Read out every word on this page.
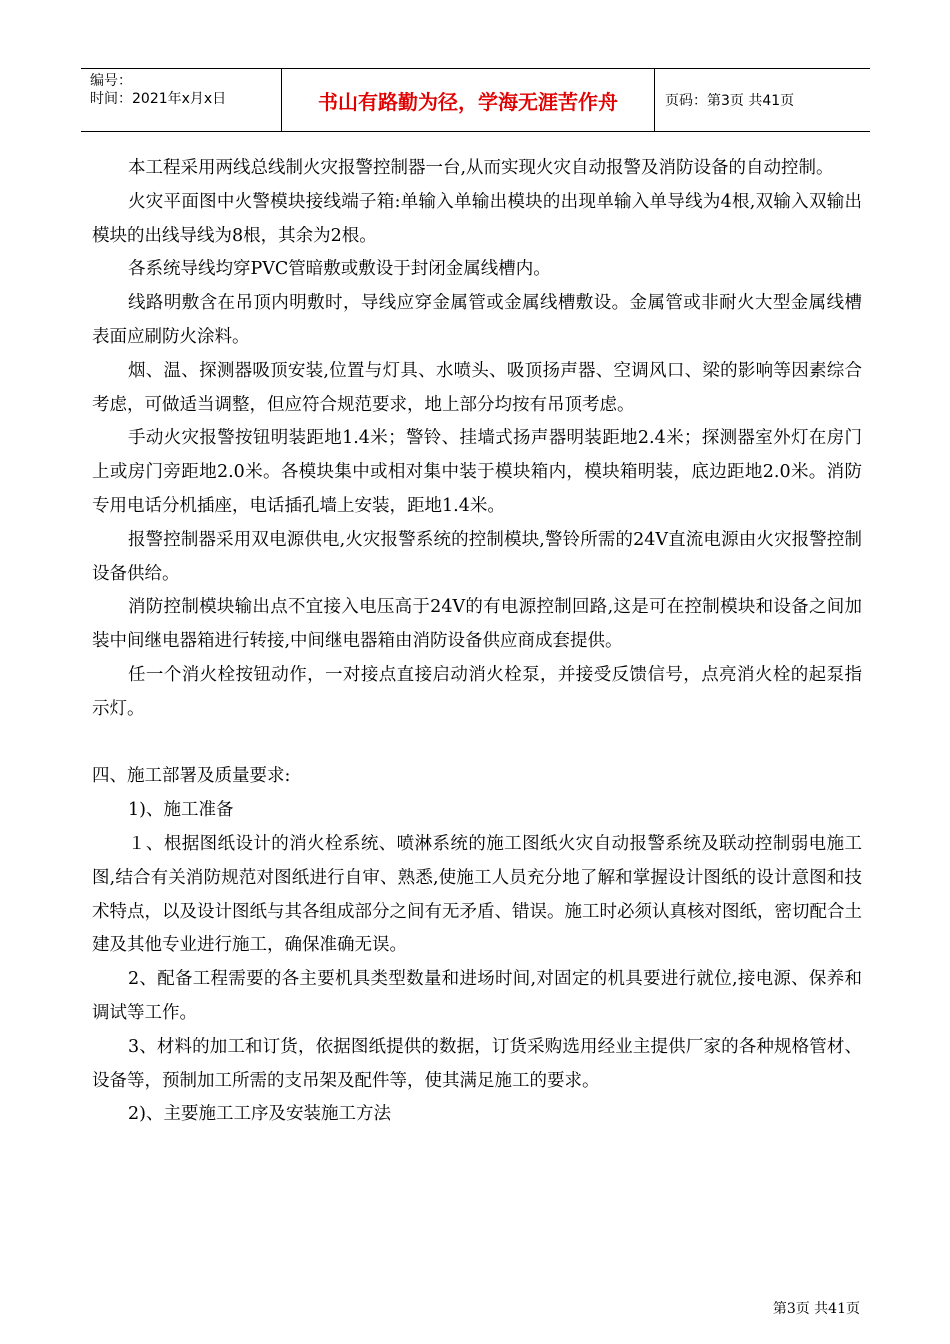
编号：
时间：2021年x月x日	书山有路勤为径，学海无涯苦作舟	页码：第3页 共41页

本工程采用两线总线制火灾报警控制器一台,从而实现火灾自动报警及消防设备的自动控制。

火灾平面图中火警模块接线端子箱:单输入单输出模块的出现单输入单导线为4根,双输入双输出模块的出线导线为8根，其余为2根。

各系统导线均穿PVC管暗敷或敷设于封闭金属线槽内。

线路明敷含在吊顶内明敷时，导线应穿金属管或金属线槽敷设。金属管或非耐火大型金属线槽表面应刷防火涂料。

烟、温、探测器吸顶安装,位置与灯具、水喷头、吸顶扬声器、空调风口、梁的影响等因素综合考虑，可做适当调整，但应符合规范要求，地上部分均按有吊顶考虑。

手动火灾报警按钮明装距地1.4米；警铃、挂墙式扬声器明装距地2.4米；探测器室外灯在房门上或房门旁距地2.0米。各模块集中或相对集中装于模块箱内，模块箱明装，底边距地2.0米。消防专用电话分机插座，电话插孔墙上安装，距地1.4米。

报警控制器采用双电源供电,火灾报警系统的控制模块,警铃所需的24V直流电源由火灾报警控制设备供给。

消防控制模块输出点不宜接入电压高于24V的有电源控制回路,这是可在控制模块和设备之间加装中间继电器箱进行转接,中间继电器箱由消防设备供应商成套提供。

任一个消火栓按钮动作，一对接点直接启动消火栓泵，并接受反馈信号，点亮消火栓的起泵指示灯。

四、施工部署及质量要求:

1)、施工准备

１、根据图纸设计的消火栓系统、喷淋系统的施工图纸火灾自动报警系统及联动控制弱电施工图,结合有关消防规范对图纸进行自审、熟悉,使施工人员充分地了解和掌握设计图纸的设计意图和技术特点，以及设计图纸与其各组成部分之间有无矛盾、错误。施工时必须认真核对图纸，密切配合土建及其他专业进行施工，确保准确无误。

2、配备工程需要的各主要机具类型数量和进场时间,对固定的机具要进行就位,接电源、保养和调试等工作。

3、材料的加工和订货，依据图纸提供的数据，订货采购选用经业主提供厂家的各种规格管材、设备等，预制加工所需的支吊架及配件等，使其满足施工的要求。

2)、主要施工工序及安装施工方法

第3页 共41页
